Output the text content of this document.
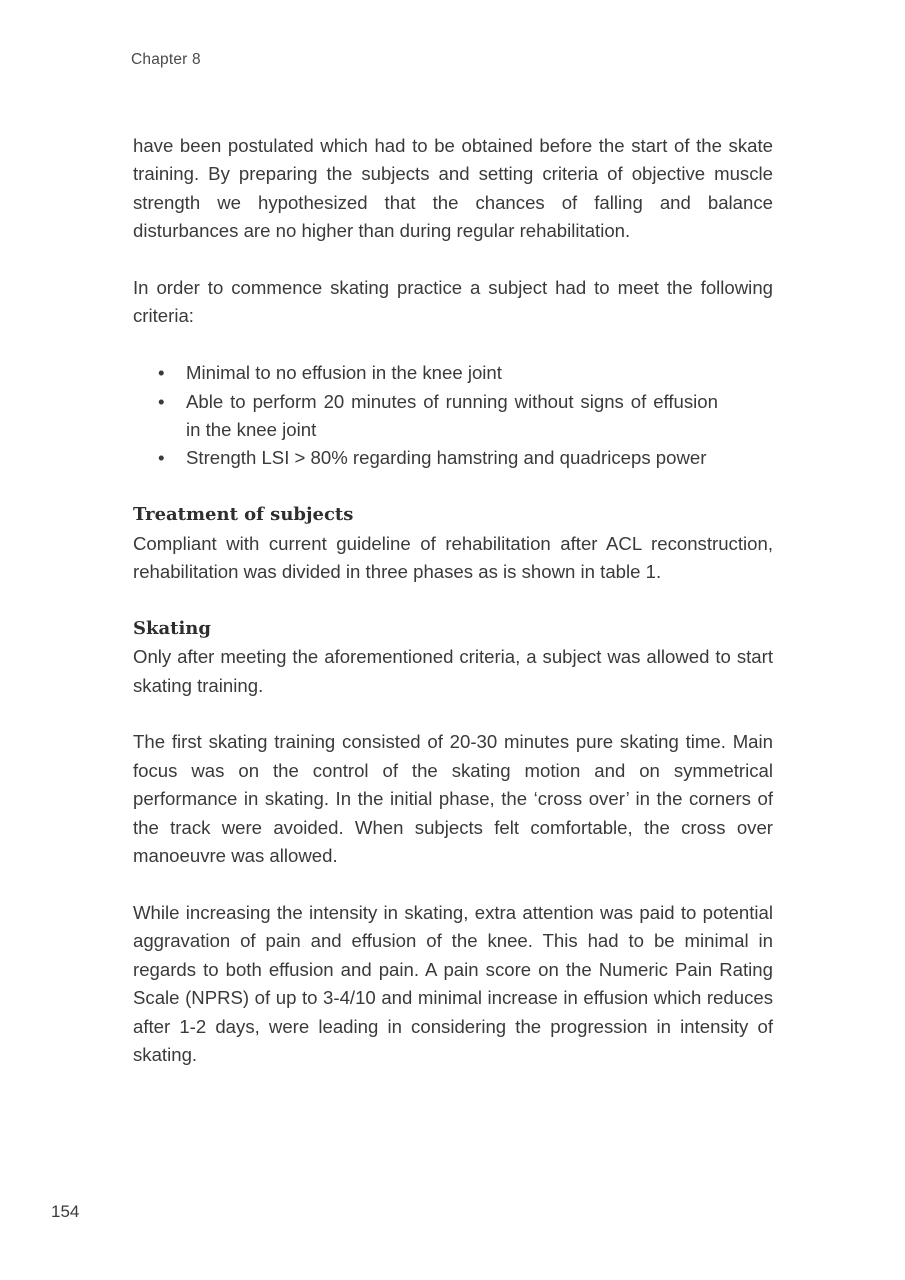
Chapter 8

have been postulated which had to be obtained before the start of the skate training. By preparing the subjects and setting criteria of objective muscle strength we hypothesized that the chances of falling and balance disturbances are no higher than during regular rehabilitation.

In order to commence skating practice a subject had to meet the following criteria:

• Minimal to no effusion in the knee joint
• Able to perform 20 minutes of running without signs of effusion in the knee joint
• Strength LSI > 80% regarding hamstring and quadriceps power
Treatment of subjects

Compliant with current guideline of rehabilitation after ACL reconstruction, rehabilitation was divided in three phases as is shown in table 1.

Skating

Only after meeting the aforementioned criteria, a subject was allowed to start skating training.

The first skating training consisted of 20-30 minutes pure skating time. Main focus was on the control of the skating motion and on symmetrical performance in skating. In the initial phase, the ‘cross over’ in the corners of the track were avoided. When subjects felt comfortable, the cross over manoeuvre was allowed.

While increasing the intensity in skating, extra attention was paid to potential aggravation of pain and effusion of the knee. This had to be minimal in regards to both effusion and pain. A pain score on the Numeric Pain Rating Scale (NPRS) of up to 3-4/10 and minimal increase in effusion which reduces after 1-2 days, were leading in considering the progression in intensity of skating.

154
